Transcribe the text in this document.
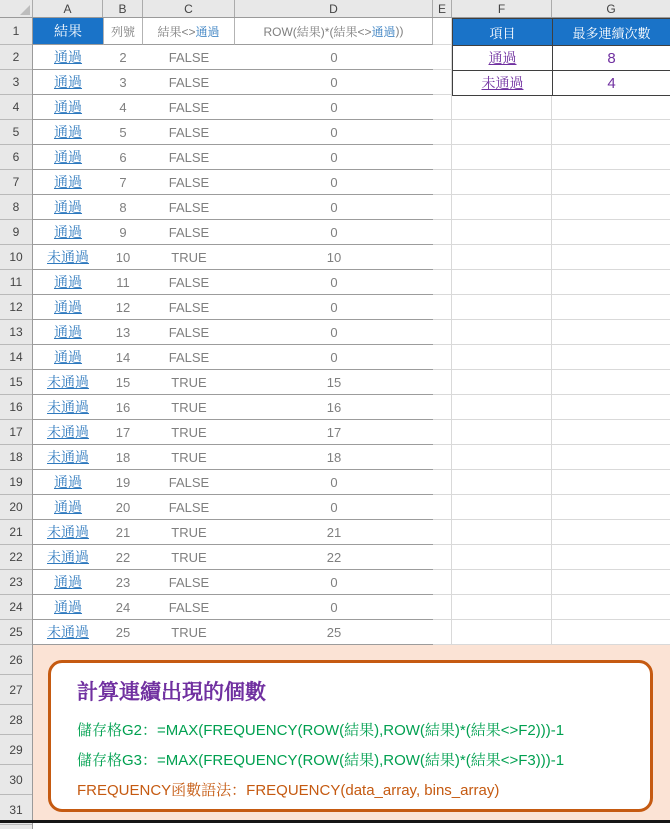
A	B	C	D	E	F	G
1
2
3
4
5
6
7
8
9
10
11
12
13
14
15
16
17
18
19
20
21
22
23
24
25
26
27
28
29
30
31
結果	列號	結果<> 通過	ROW(結果)*(結果<> 通過 ))
通過	2	FALSE	0
通過	3	FALSE	0
通過	4	FALSE	0
通過	5	FALSE	0
通過	6	FALSE	0
通過	7	FALSE	0
通過	8	FALSE	0
通過	9	FALSE	0
未通過	10	TRUE	10
通過	11	FALSE	0
通過	12	FALSE	0
通過	13	FALSE	0
通過	14	FALSE	0
未通過	15	TRUE	15
未通過	16	TRUE	16
未通過	17	TRUE	17
未通過	18	TRUE	18
通過	19	FALSE	0
通過	20	FALSE	0
未通過	21	TRUE	21
未通過	22	TRUE	22
通過	23	FALSE	0
通過	24	FALSE	0
未通過	25	TRUE	25
項目	最多連續次數
通過	8
未通過	4
計算連續出現的個數
儲存格G2：=MAX(FREQUENCY(ROW(結果),ROW(結果)*(結果<>F2)))-1
儲存格G3：=MAX(FREQUENCY(ROW(結果),ROW(結果)*(結果<>F3)))-1
FREQUENCY函數語法：FREQUENCY(data_array, bins_array)
